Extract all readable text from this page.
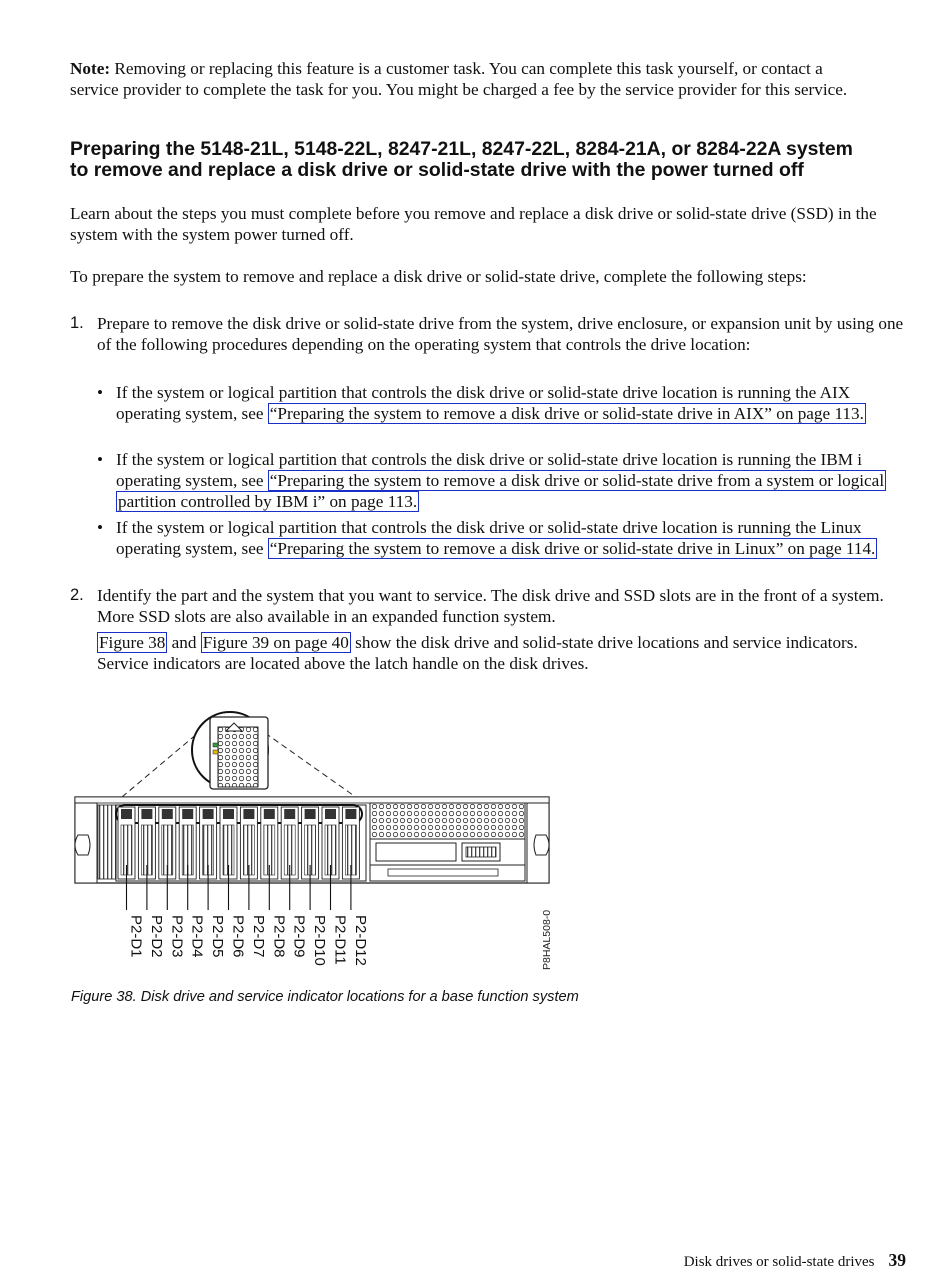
Note: Removing or replacing this feature is a customer task. You can complete this task yourself, or contact a service provider to complete the task for you. You might be charged a fee by the service provider for this service.
Preparing the 5148-21L, 5148-22L, 8247-21L, 8247-22L, 8284-21A, or 8284-22A system to remove and replace a disk drive or solid-state drive with the power turned off
Learn about the steps you must complete before you remove and replace a disk drive or solid-state drive (SSD) in the system with the system power turned off.
To prepare the system to remove and replace a disk drive or solid-state drive, complete the following steps:
1. Prepare to remove the disk drive or solid-state drive from the system, drive enclosure, or expansion unit by using one of the following procedures depending on the operating system that controls the drive location:
• If the system or logical partition that controls the disk drive or solid-state drive location is running the AIX operating system, see “Preparing the system to remove a disk drive or solid-state drive in AIX” on page 113.
• If the system or logical partition that controls the disk drive or solid-state drive location is running the IBM i operating system, see “Preparing the system to remove a disk drive or solid-state drive from a system or logical partition controlled by IBM i” on page 113.
• If the system or logical partition that controls the disk drive or solid-state drive location is running the Linux operating system, see “Preparing the system to remove a disk drive or solid-state drive in Linux” on page 114.
2. Identify the part and the system that you want to service. The disk drive and SSD slots are in the front of a system. More SSD slots are also available in an expanded function system.
Figure 38 and Figure 39 on page 40 show the disk drive and solid-state drive locations and service indicators. Service indicators are located above the latch handle on the disk drives.
P2-D1 P2-D2 P2-D3 P2-D4 P2-D5 P2-D6 P2-D7 P2-D8 P2-D9 P2-D10 P2-D11 P2-D12	P8HAL508-0
Figure 38. Disk drive and service indicator locations for a base function system
Disk drives or solid-state drives 39
